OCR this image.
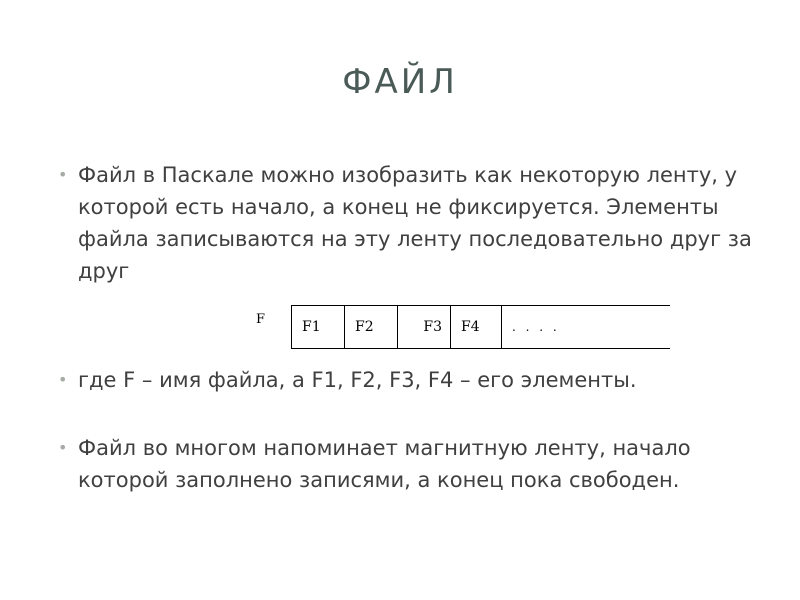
ФАЙЛ
• Файл в Паскале можно изобразить как некоторую ленту, у которой есть начало, а конец не фиксируется. Элементы файла записываются на эту ленту последовательно друг за друг
F	F1	F2	F3	F4	. . . .
• где F – имя файла, а F1, F2, F3, F4 – его элементы.
• Файл во многом напоминает магнитную ленту, начало которой заполнено записями, а конец пока свободен.
